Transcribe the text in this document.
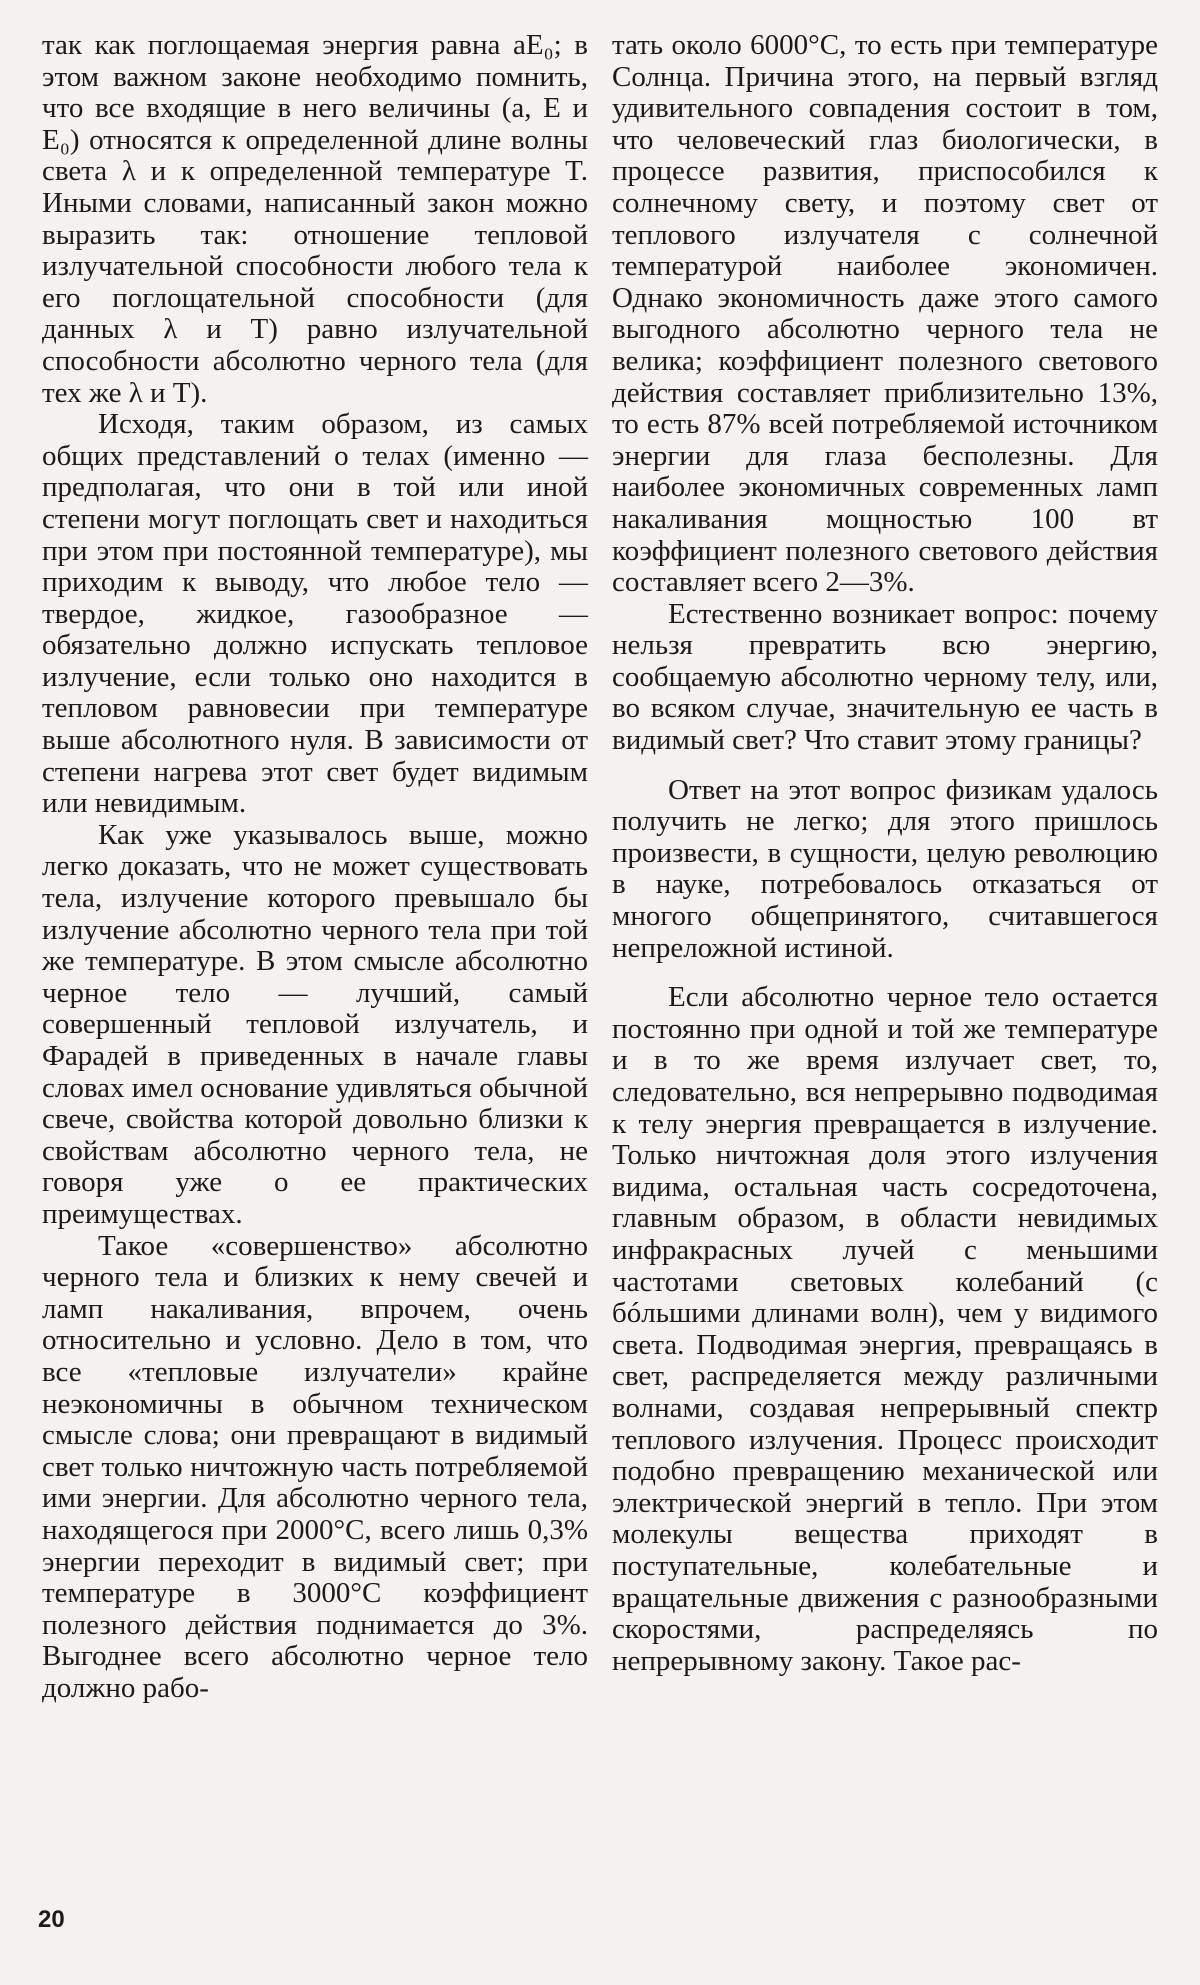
так как поглощаемая энергия равна aE₀; в этом важном законе необходимо помнить, что все входящие в него величины (a, E и E₀) относятся к определенной длине волны света λ и к определенной температуре T. Иными словами, написанный закон можно выразить так: отношение тепловой излучательной способности любого тела к его поглощательной способности (для данных λ и T) равно излучательной способности абсолютно черного тела (для тех же λ и T).

Исходя, таким образом, из самых общих представлений о телах (именно — предполагая, что они в той или иной степени могут поглощать свет и находиться при этом при постоянной температуре), мы приходим к выводу, что любое тело — твердое, жидкое, газообразное — обязательно должно испускать тепловое излучение, если только оно находится в тепловом равновесии при температуре выше абсолютного нуля. В зависимости от степени нагрева этот свет будет видимым или невидимым.

Как уже указывалось выше, можно легко доказать, что не может существовать тела, излучение которого превышало бы излучение абсолютно черного тела при той же температуре. В этом смысле абсолютно черное тело — лучший, самый совершенный тепловой излучатель, и Фарадей в приведенных в начале главы словах имел основание удивляться обычной свече, свойства которой довольно близки к свойствам абсолютно черного тела, не говоря уже о ее практических преимуществах.

Такое «совершенство» абсолютно черного тела и близких к нему свечей и ламп накаливания, впрочем, очень относительно и условно. Дело в том, что все «тепловые излучатели» крайне неэкономичны в обычном техническом смысле слова; они превращают в видимый свет только ничтожную часть потребляемой ими энергии. Для абсолютно черного тела, находящегося при 2000°С, всего лишь 0,3% энергии переходит в видимый свет; при температуре в 3000°С коэффициент полезного действия поднимается до 3%. Выгоднее всего абсолютно черное тело должно рабо-

тать около 6000°С, то есть при температуре Солнца. Причина этого, на первый взгляд удивительного совпадения состоит в том, что человеческий глаз биологически, в процессе развития, приспособился к солнечному свету, и поэтому свет от теплового излучателя с солнечной температурой наиболее экономичен. Однако экономичность даже этого самого выгодного абсолютно черного тела не велика; коэффициент полезного светового действия составляет приблизительно 13%, то есть 87% всей потребляемой источником энергии для глаза бесполезны. Для наиболее экономичных современных ламп накаливания мощностью 100 вт коэффициент полезного светового действия составляет всего 2—3%.

Естественно возникает вопрос: почему нельзя превратить всю энергию, сообщаемую абсолютно черному телу, или, во всяком случае, значительную ее часть в видимый свет? Что ставит этому границы?

Ответ на этот вопрос физикам удалось получить не легко; для этого пришлось произвести, в сущности, целую революцию в науке, потребовалось отказаться от многого общепринятого, считавшегося непреложной истиной.

Если абсолютно черное тело остается постоянно при одной и той же температуре и в то же время излучает свет, то, следовательно, вся непрерывно подводимая к телу энергия превращается в излучение. Только ничтожная доля этого излучения видима, остальная часть сосредоточена, главным образом, в области невидимых инфракрасных лучей с меньшими частотами световых колебаний (с бóльшими длинами волн), чем у видимого света. Подводимая энергия, превращаясь в свет, распределяется между различными волнами, создавая непрерывный спектр теплового излучения. Процесс происходит подобно превращению механической или электрической энергий в тепло. При этом молекулы вещества приходят в поступательные, колебательные и вращательные движения с разнообразными скоростями, распределяясь по непрерывному закону. Такое рас-

20
